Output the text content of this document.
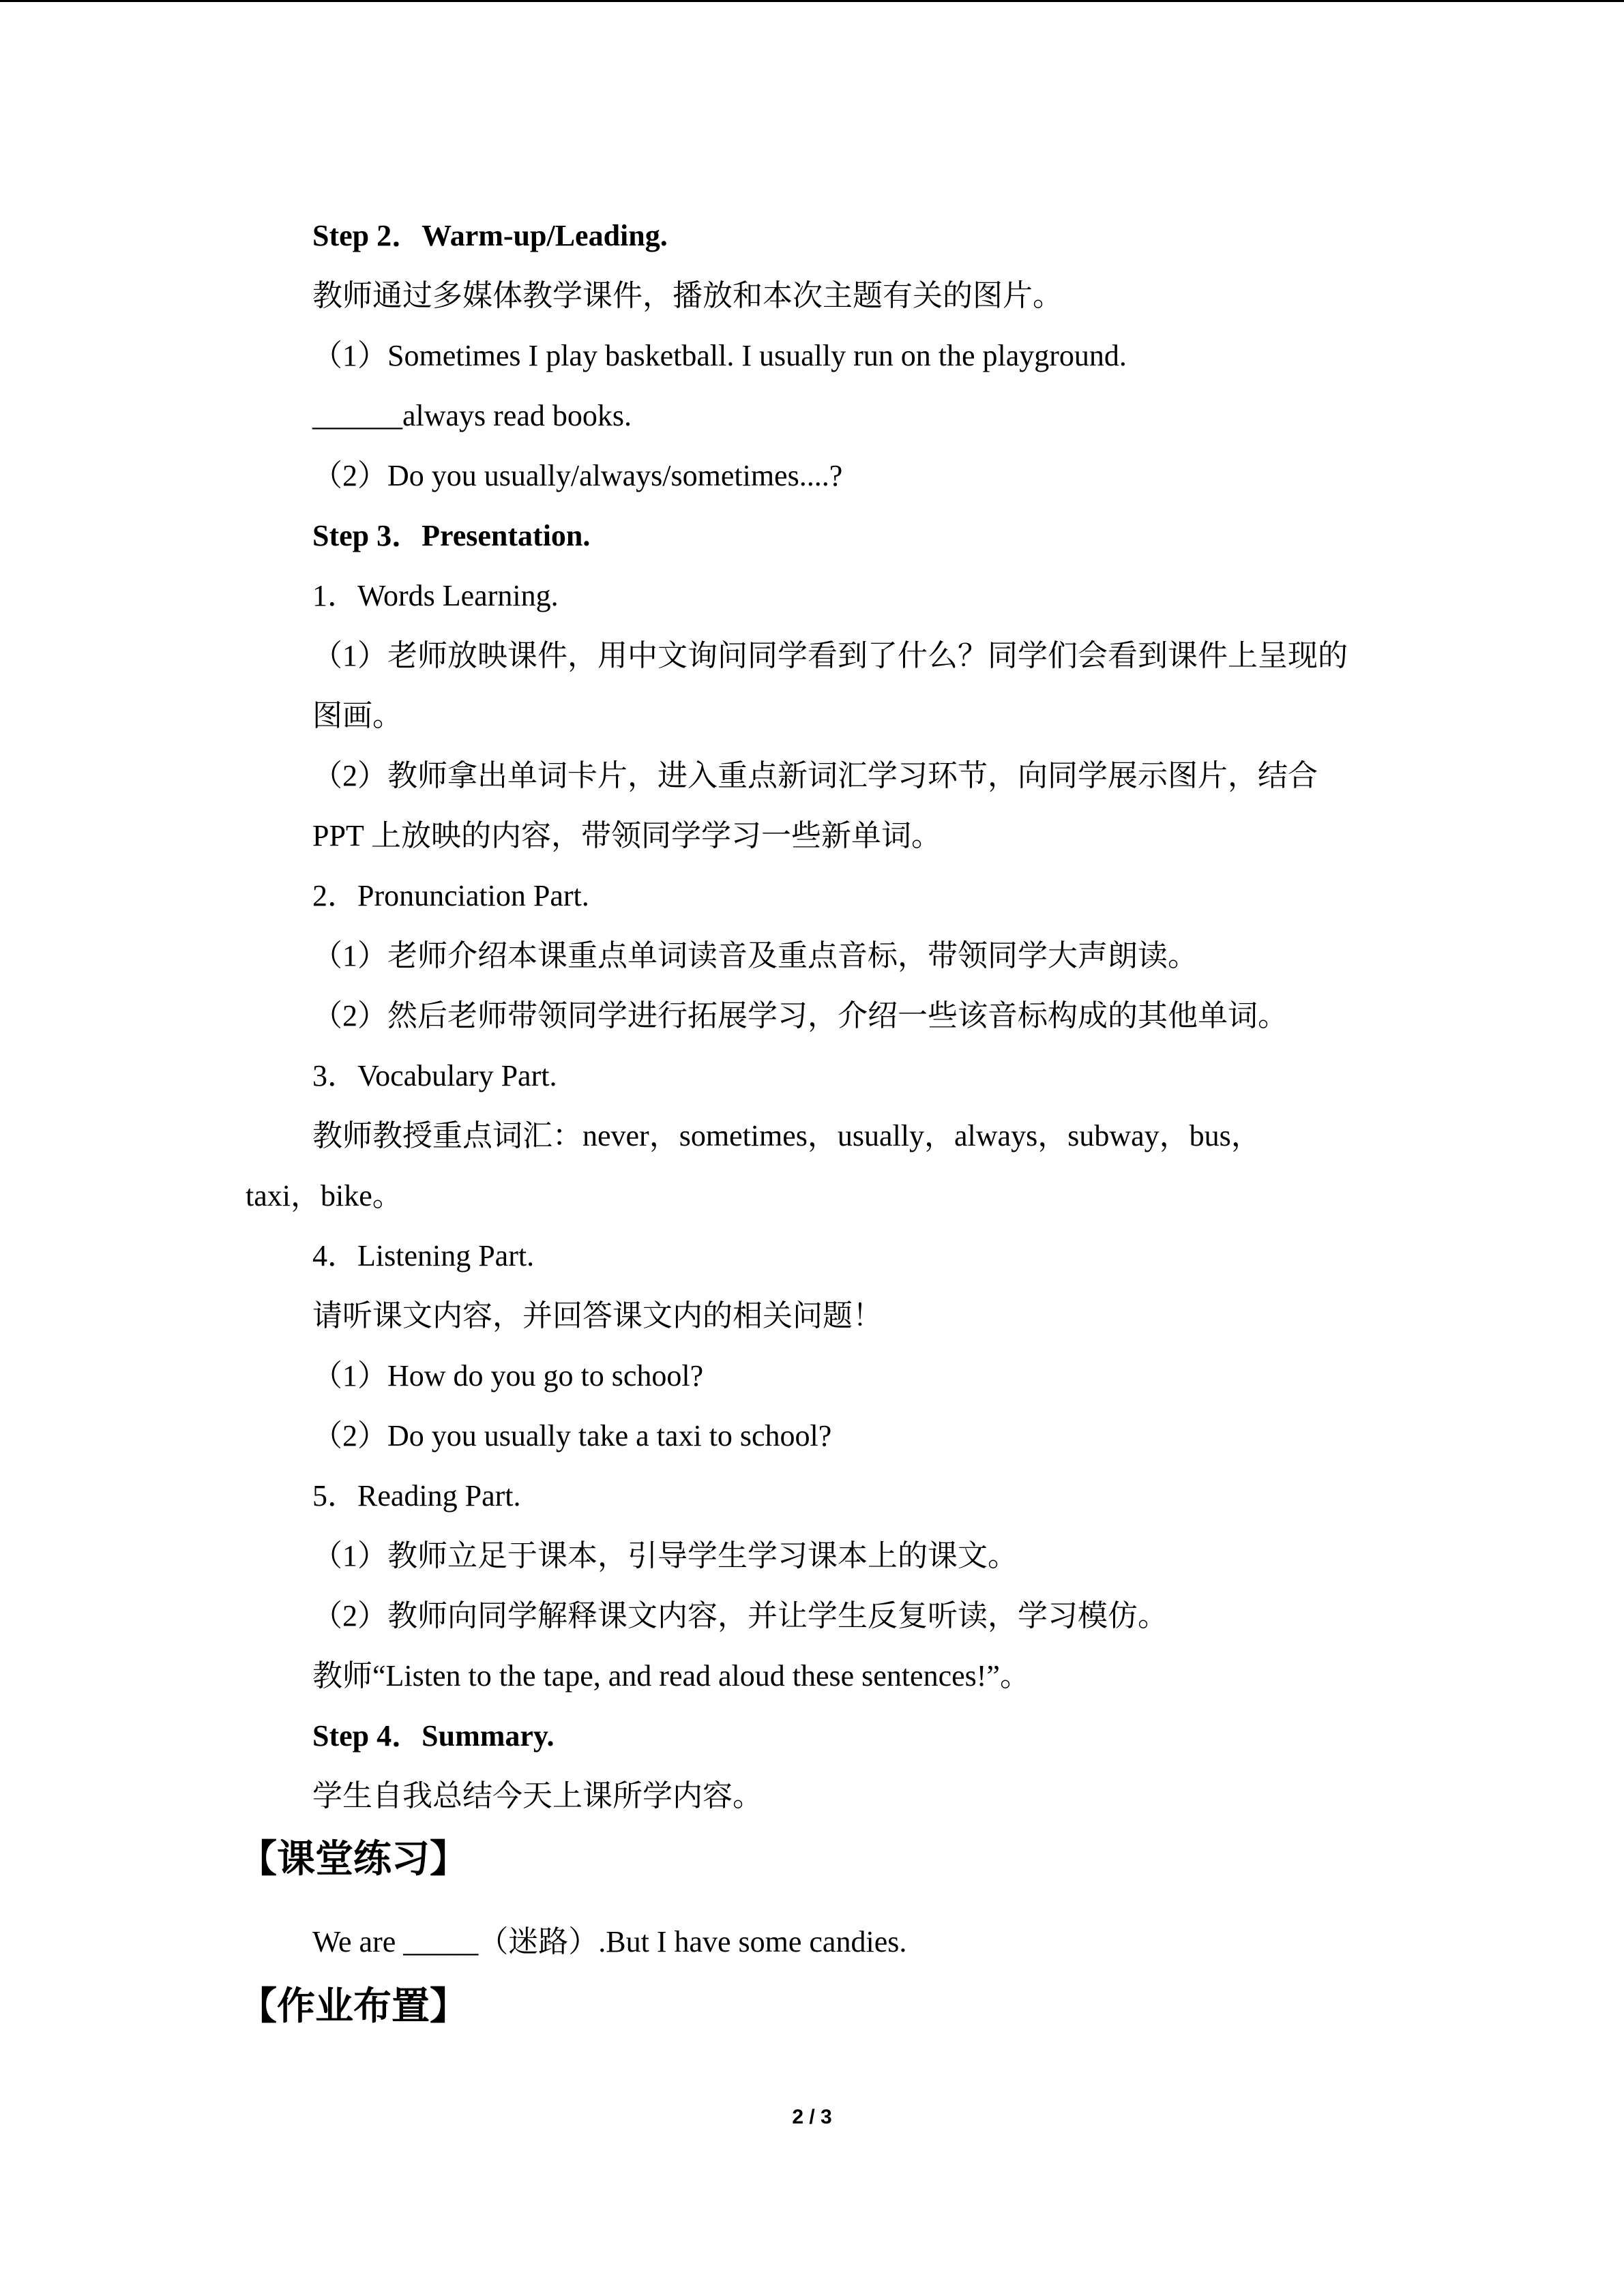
Step 2．Warm-up/Leading.
教师通过多媒体教学课件，播放和本次主题有关的图片。
（1）Sometimes I play basketball. I usually run on the playground.
______always read books.
（2）Do you usually/always/sometimes....?
Step 3．Presentation.
1．Words Learning.
（1）老师放映课件，用中文询问同学看到了什么？同学们会看到课件上呈现的图画。
（2）教师拿出单词卡片，进入重点新词汇学习环节，向同学展示图片，结合 PPT 上放映的内容，带领同学学习一些新单词。
2．Pronunciation Part.
（1）老师介绍本课重点单词读音及重点音标，带领同学大声朗读。
（2）然后老师带领同学进行拓展学习，介绍一些该音标构成的其他单词。
3．Vocabulary Part.
教师教授重点词汇：never，sometimes，usually，always，subway，bus，
taxi，bike。
4．Listening Part.
请听课文内容，并回答课文内的相关问题！
（1）How do you go to school?
（2）Do you usually take a taxi to school?
5．Reading Part.
（1）教师立足于课本，引导学生学习课本上的课文。
（2）教师向同学解释课文内容，并让学生反复听读，学习模仿。
教师“Listen to the tape, and read aloud these sentences!”。
Step 4．Summary.
学生自我总结今天上课所学内容。
【课堂练习】
We are _____（迷路）.But I have some candies.
【作业布置】
2 / 3
